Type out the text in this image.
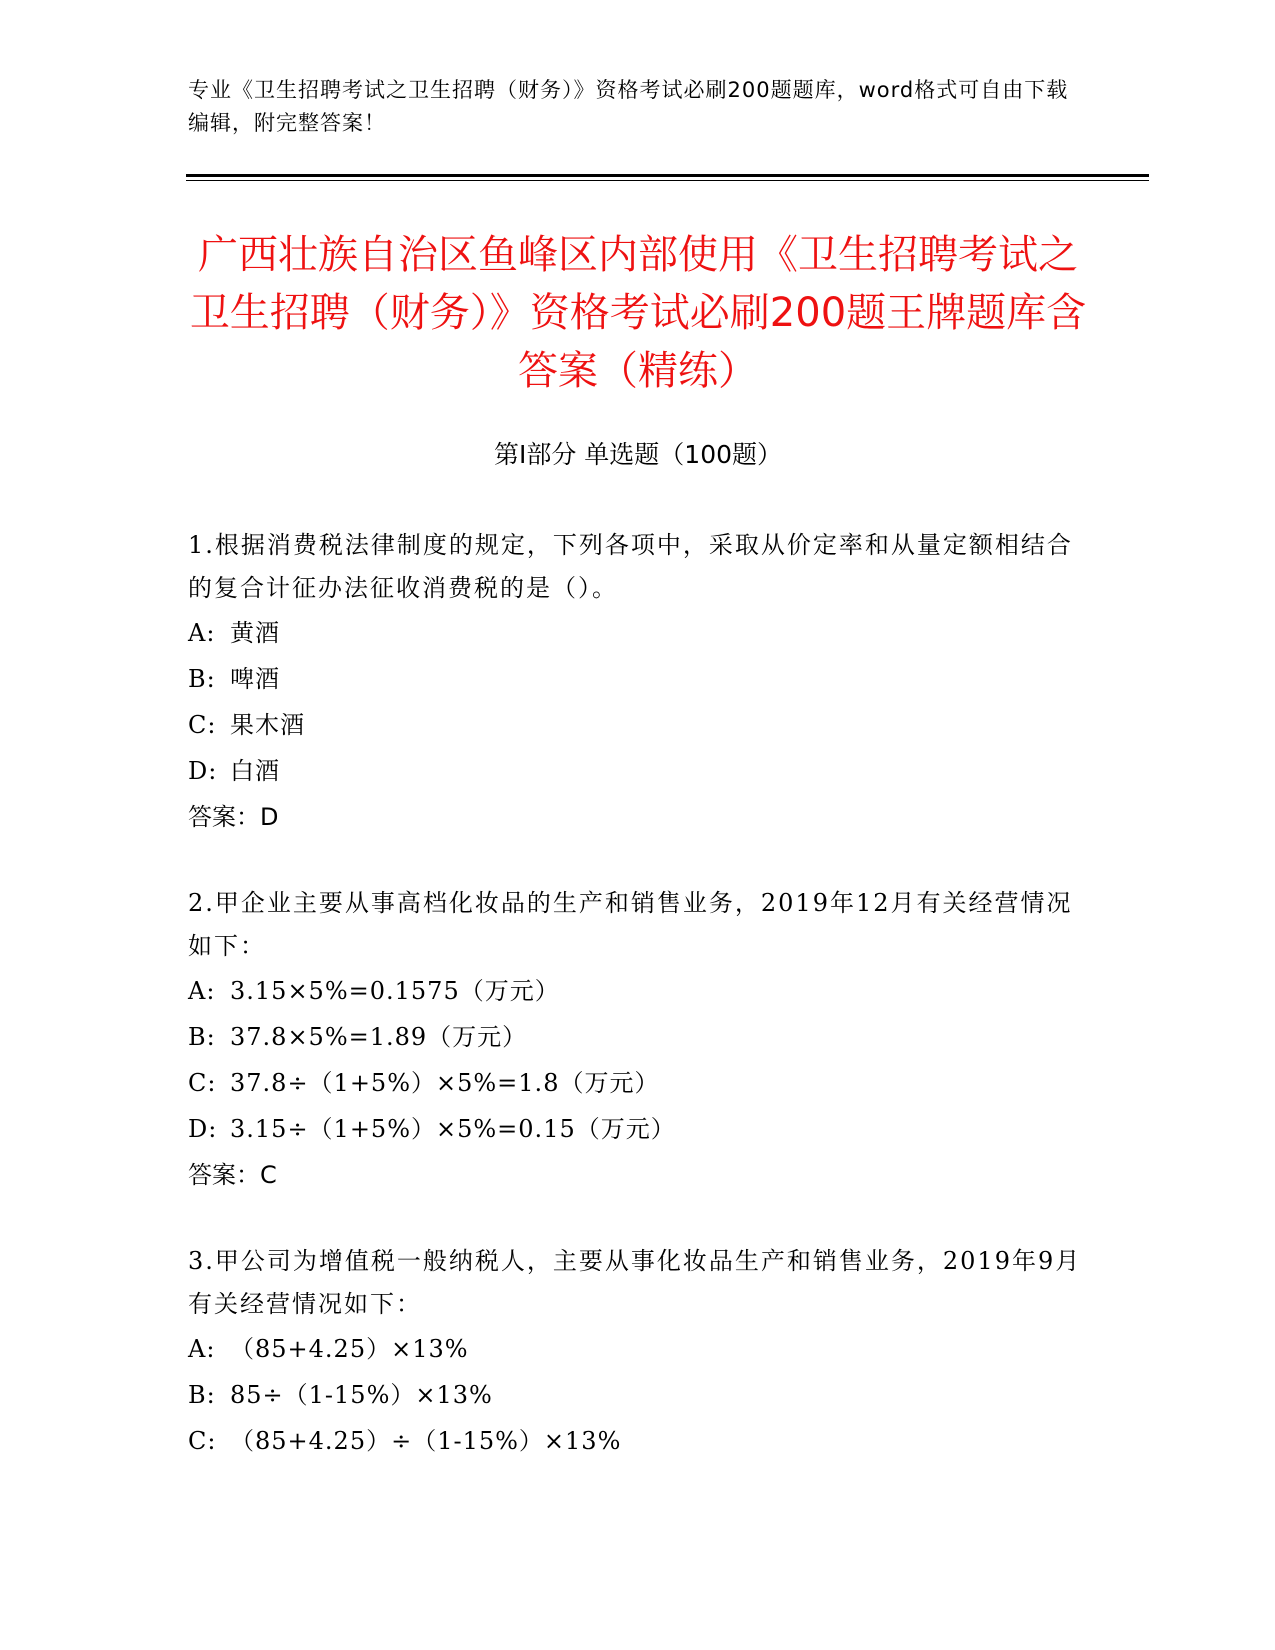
专业《卫生招聘考试之卫生招聘（财务）》资格考试必刷200题题库，word格式可自由下载编辑，附完整答案！
广西壮族自治区鱼峰区内部使用《卫生招聘考试之卫生招聘（财务）》资格考试必刷200题王牌题库含答案（精练）
第I部分 单选题（100题）
1.根据消费税法律制度的规定，下列各项中，采取从价定率和从量定额相结合的复合计征办法征收消费税的是（）。
A: 黄酒
B: 啤酒
C: 果木酒
D: 白酒
答案：D
2.甲企业主要从事高档化妆品的生产和销售业务，2019年12月有关经营情况如下：
A: 3.15×5%=0.1575（万元）
B: 37.8×5%=1.89（万元）
C: 37.8÷（1+5%）×5%=1.8（万元）
D: 3.15÷（1+5%）×5%=0.15（万元）
答案：C
3.甲公司为增值税一般纳税人，主要从事化妆品生产和销售业务，2019年9月有关经营情况如下：
A: （85+4.25）×13%
B: 85÷（1-15%）×13%
C: （85+4.25）÷（1-15%）×13%
